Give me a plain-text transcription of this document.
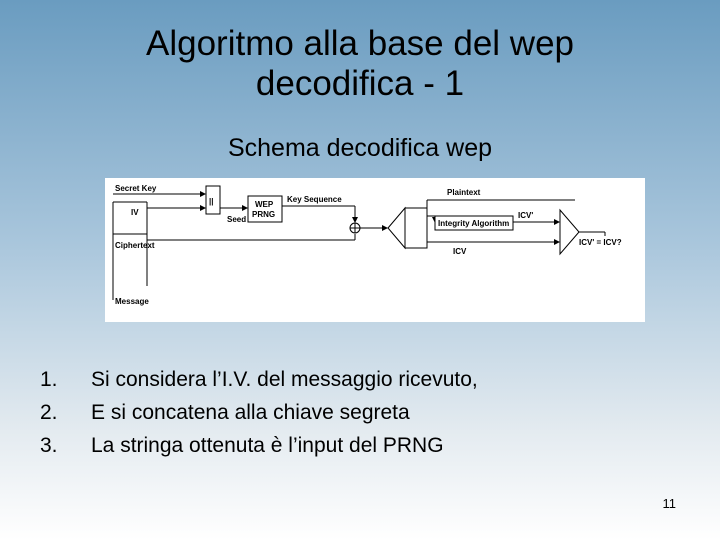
Algoritmo alla base del wep
decodifica - 1
Schema decodifica wep
Secret Key
IV
Ciphertext
Message
||
Seed
WEP
PRNG
Key Sequence
Plaintext
Integrity Algorithm
ICV'
ICV
ICV' = ICV?
1.	Si considera l’I.V. del messaggio ricevuto,
2.	E si concatena alla chiave segreta
3.	La stringa ottenuta è l’input del PRNG
11
